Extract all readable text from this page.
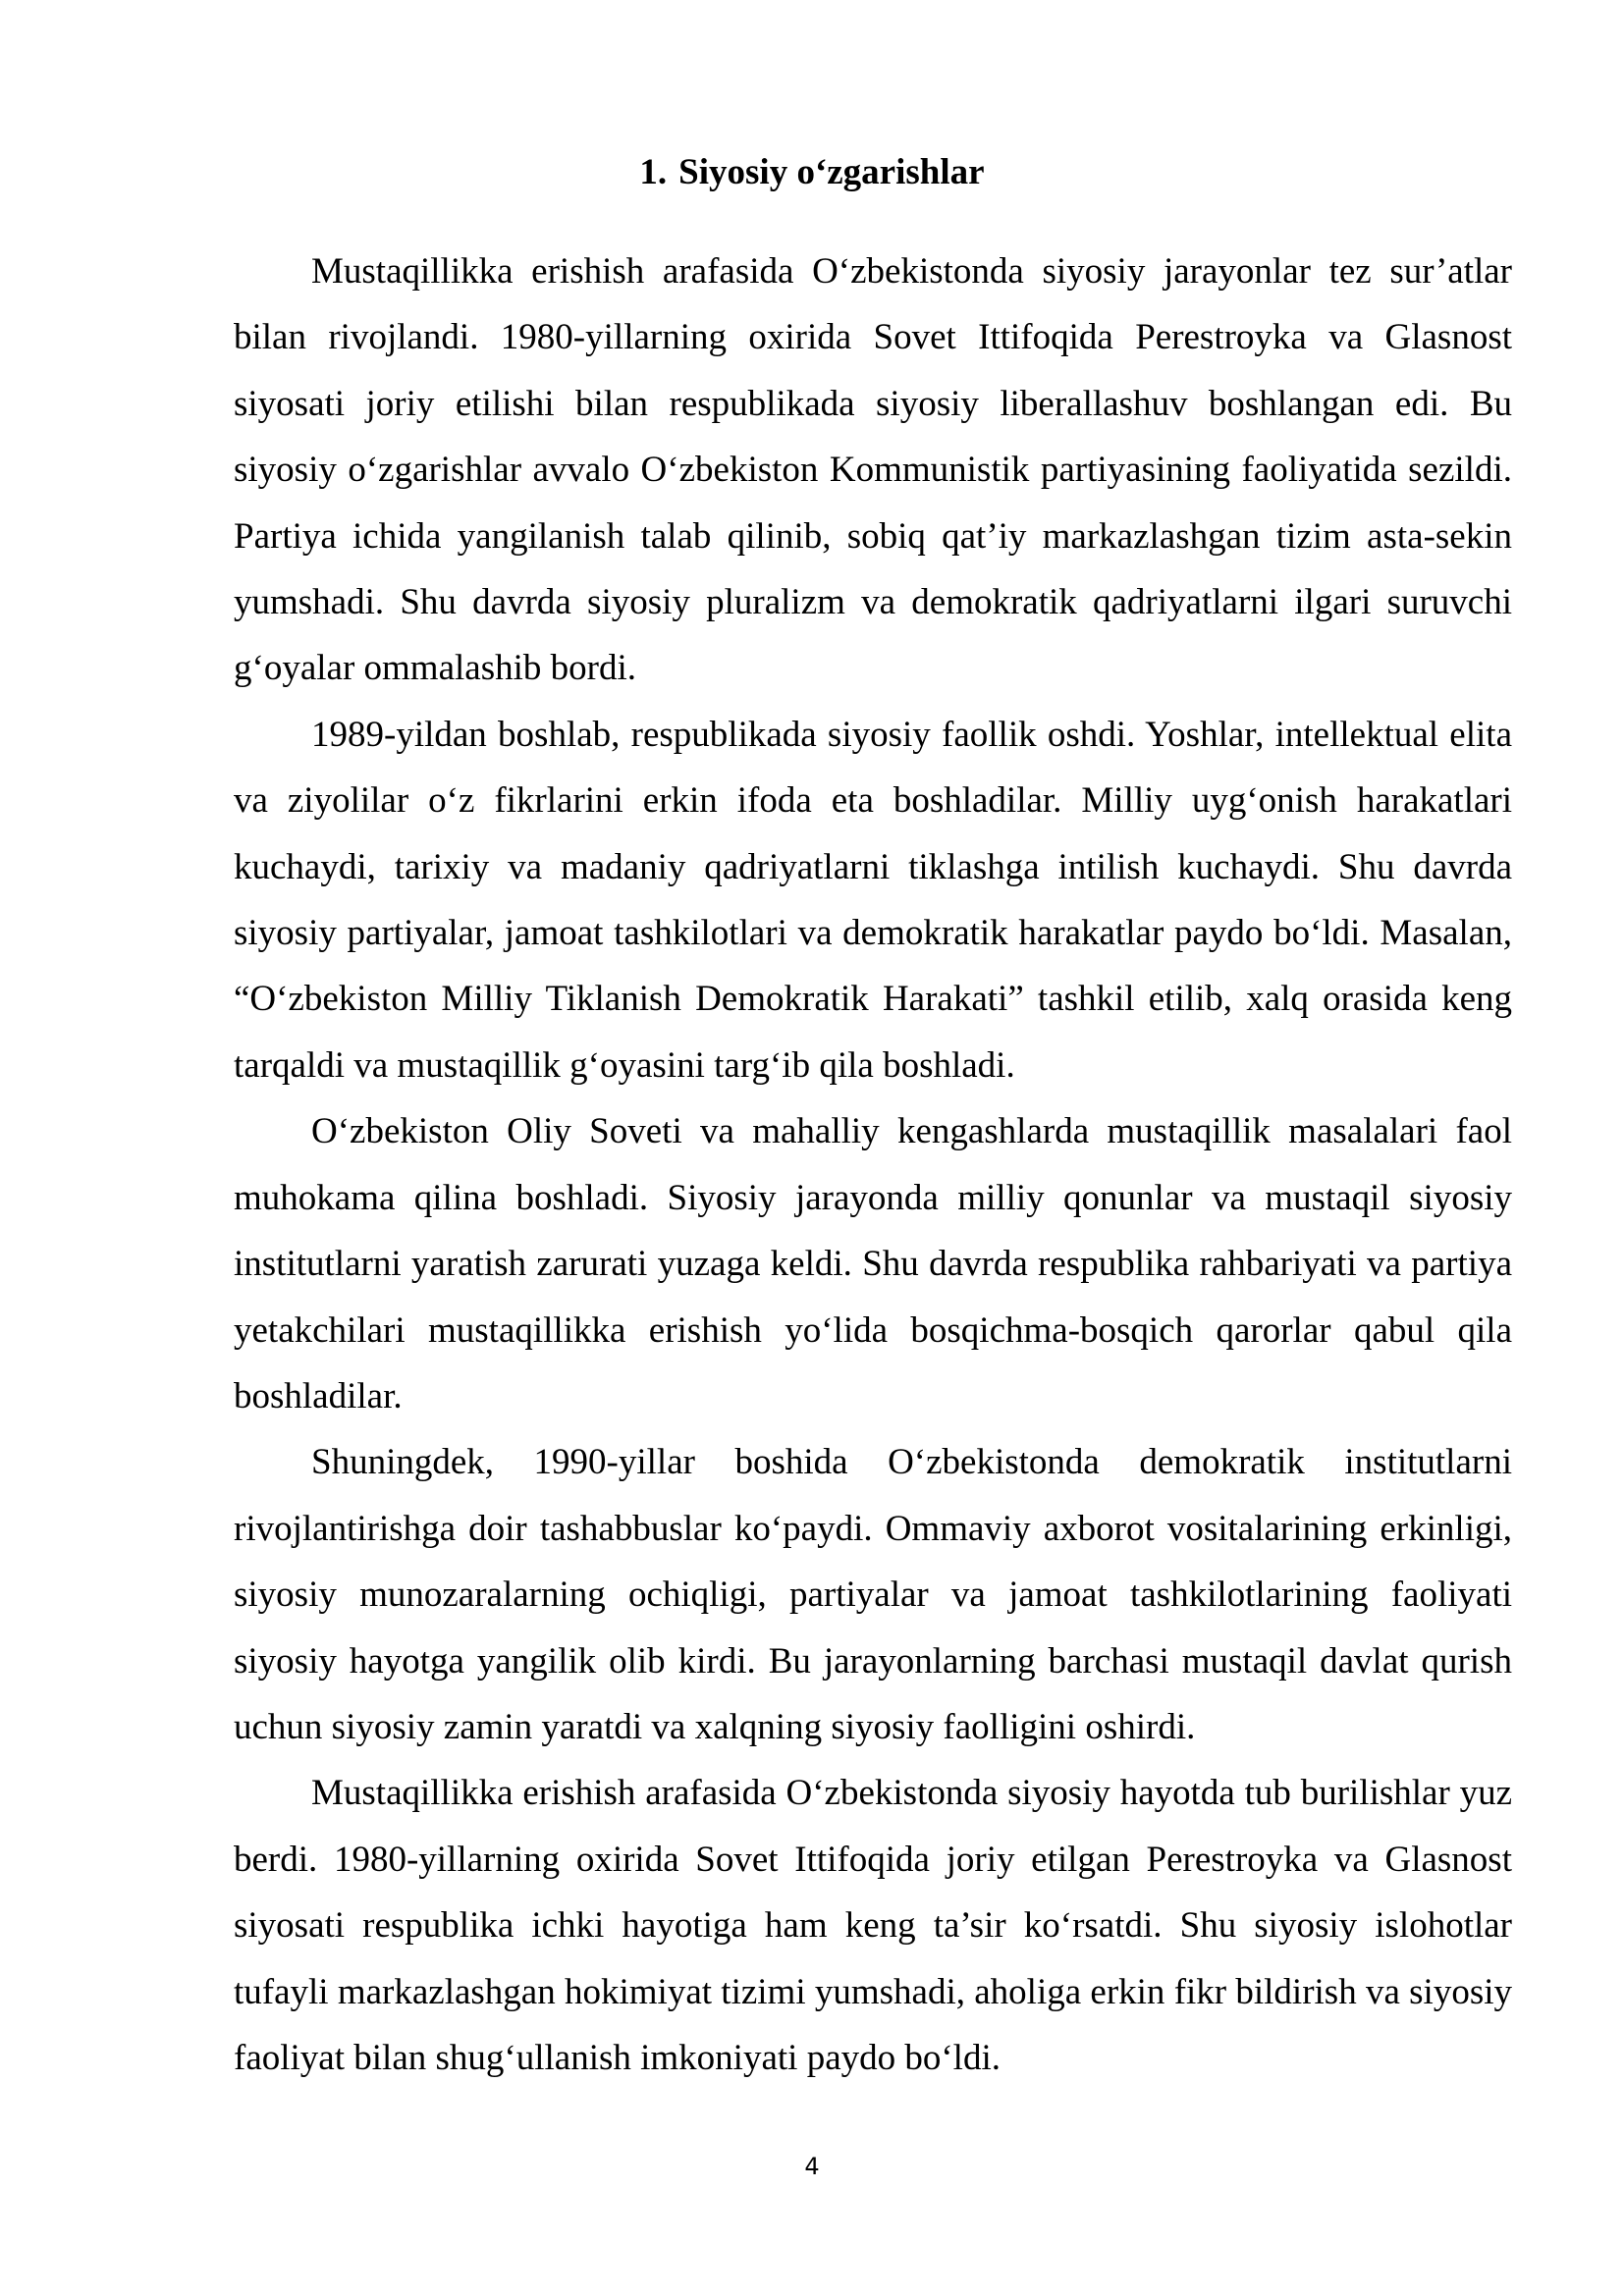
1. Siyosiy o‘zgarishlar

Mustaqillikka erishish arafasida O‘zbekistonda siyosiy jarayonlar tez sur’atlar bilan rivojlandi. 1980-yillarning oxirida Sovet Ittifoqida Perestroyka va Glasnost siyosati joriy etilishi bilan respublikada siyosiy liberallashuv boshlangan edi. Bu siyosiy o‘zgarishlar avvalo O‘zbekiston Kommunistik partiyasining faoliyatida sezildi. Partiya ichida yangilanish talab qilinib, sobiq qat’iy markazlashgan tizim asta-sekin yumshadi. Shu davrda siyosiy pluralizm va demokratik qadriyatlarni ilgari suruvchi g‘oyalar ommalashib bordi.

1989-yildan boshlab, respublikada siyosiy faollik oshdi. Yoshlar, intellektual elita va ziyolilar o‘z fikrlarini erkin ifoda eta boshladilar. Milliy uyg‘onish harakatlari kuchaydi, tarixiy va madaniy qadriyatlarni tiklashga intilish kuchaydi. Shu davrda siyosiy partiyalar, jamoat tashkilotlari va demokratik harakatlar paydo bo‘ldi. Masalan, “O‘zbekiston Milliy Tiklanish Demokratik Harakati” tashkil etilib, xalq orasida keng tarqaldi va mustaqillik g‘oyasini targ‘ib qila boshladi.

O‘zbekiston Oliy Soveti va mahalliy kengashlarda mustaqillik masalalari faol muhokama qilina boshladi. Siyosiy jarayonda milliy qonunlar va mustaqil siyosiy institutlarni yaratish zarurati yuzaga keldi. Shu davrda respublika rahbariyati va partiya yetakchilari mustaqillikka erishish yo‘lida bosqichma-bosqich qarorlar qabul qila boshladilar.

Shuningdek, 1990-yillar boshida O‘zbekistonda demokratik institutlarni rivojlantirishga doir tashabbuslar ko‘paydi. Ommaviy axborot vositalarining erkinligi, siyosiy munozaralarning ochiqligi, partiyalar va jamoat tashkilotlarining faoliyati siyosiy hayotga yangilik olib kirdi. Bu jarayonlarning barchasi mustaqil davlat qurish uchun siyosiy zamin yaratdi va xalqning siyosiy faolligini oshirdi.

Mustaqillikka erishish arafasida O‘zbekistonda siyosiy hayotda tub burilishlar yuz berdi. 1980-yillarning oxirida Sovet Ittifoqida joriy etilgan Perestroyka va Glasnost siyosati respublika ichki hayotiga ham keng ta’sir ko‘rsatdi. Shu siyosiy islohotlar tufayli markazlashgan hokimiyat tizimi yumshadi, aholiga erkin fikr bildirish va siyosiy faoliyat bilan shug‘ullanish imkoniyati paydo bo‘ldi.

4
